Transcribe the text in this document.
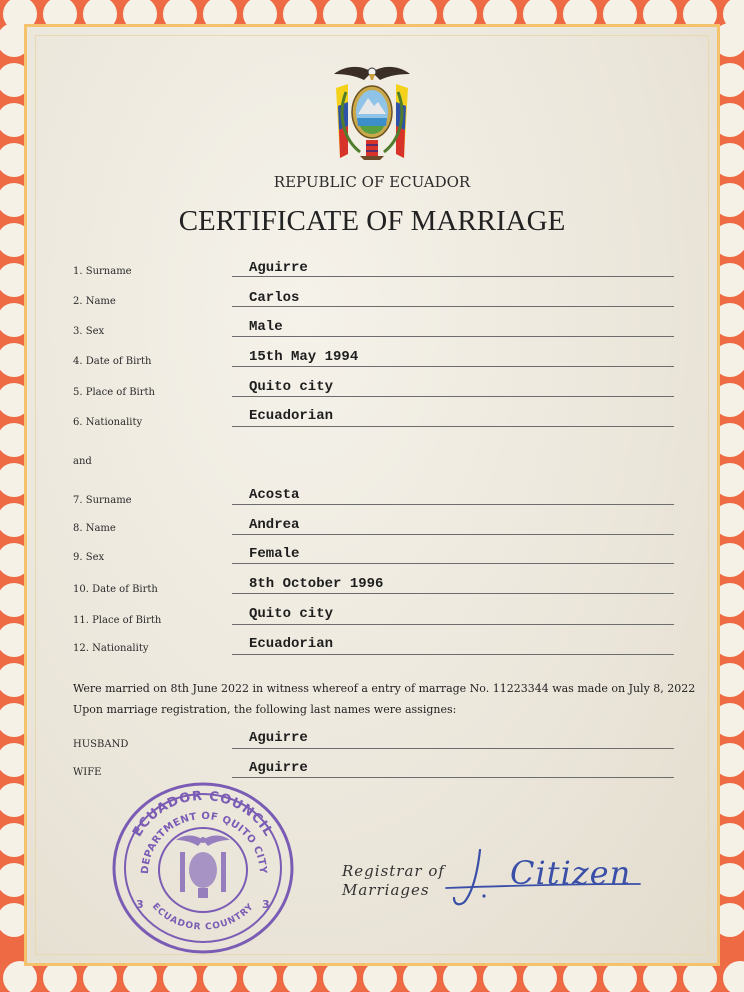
REPUBLIC OF ECUADOR
CERTIFICATE OF MARRIAGE
1. Surname	Aguirre
2. Name	Carlos
3. Sex	Male
4. Date of Birth	15th May 1994
5. Place of Birth	Quito city
6. Nationality	Ecuadorian
and
7. Surname	Acosta
8. Name	Andrea
9. Sex	Female
10. Date of Birth	8th October 1996
11. Place of Birth	Quito city
12. Nationality	Ecuadorian
Were married on 8th June 2022 in witness whereof a entry of marrage No. 11223344 was made on July 8, 2022
Upon marriage registration, the following last names were assignes:
HUSBAND	Aguirre
WIFE	Aguirre
ECUADOR COUNCIL
DEPARTMENT OF QUITO CITY
ECUADOR COUNTRY
3	3
Registrar of
Marriages	Citizen
